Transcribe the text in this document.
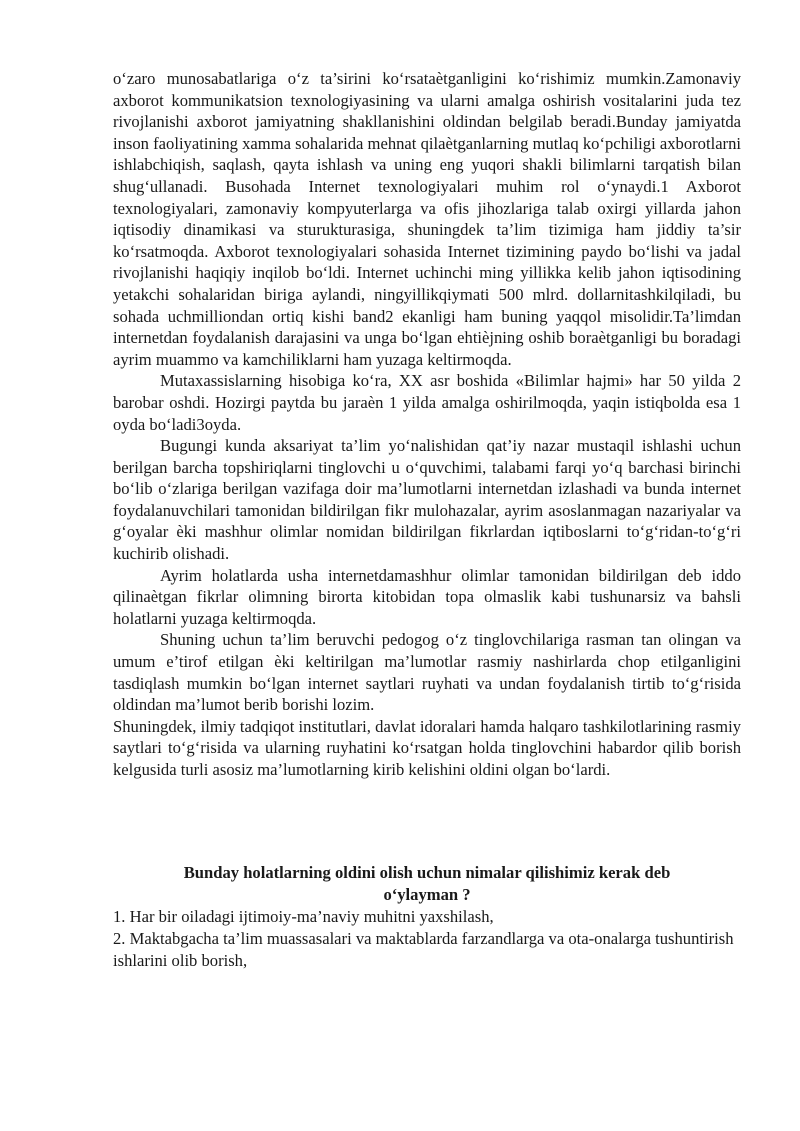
o‘zaro munosabatlariga o‘z ta’sirini ko‘rsataètganligini ko‘rishimiz mumkin.Zamonaviy axborot kommunikatsion texnologiyasining va ularni amalga oshirish vositalarini juda tez rivojlanishi axborot jamiyatning shakllanishini oldindan belgilab beradi.Bunday jamiyatda inson faoliyatining xamma sohalarida mehnat qilaètganlarning mutlaq ko‘pchiligi axborotlarni ishlabchiqish, saqlash, qayta ishlash va uning eng yuqori shakli bilimlarni tarqatish bilan shug‘ullanadi. Busohada Internet texnologiyalari muhim rol o‘ynaydi.1 Axborot texnologiyalari, zamonaviy kompyuterlarga va ofis jihozlariga talab oxirgi yillarda jahon iqtisodiy dinamikasi va sturukturasiga, shuningdek ta’lim tizimiga ham jiddiy ta’sir ko‘rsatmoqda. Axborot texnologiyalari sohasida Internet tizimining paydo bo‘lishi va jadal rivojlanishi haqiqiy inqilob bo‘ldi. Internet uchinchi ming yillikka kelib jahon iqtisodining yetakchi sohalaridan biriga aylandi, ningyillikqiymati 500 mlrd. dollarnitashkilqiladi, bu sohada uchmilliondan ortiq kishi band2 ekanligi ham buning yaqqol misolidir.Ta’limdan internetdan foydalanish darajasini va unga bo‘lgan ehtièjning oshib boraètganligi bu boradagi ayrim muammo va kamchiliklarni ham yuzaga keltirmoqda.

Mutaxassislarning hisobiga ko‘ra, XX asr boshida «Bilimlar hajmi» har 50 yilda 2 barobar oshdi. Hozirgi paytda bu jaraèn 1 yilda amalga oshirilmoqda, yaqin istiqbolda esa 1 oyda bo‘ladi3oyda.

Bugungi kunda aksariyat ta’lim yo‘nalishidan qat’iy nazar mustaqil ishlashi uchun berilgan barcha topshiriqlarni tinglovchi u o‘quvchimi, talabami farqi yo‘q barchasi birinchi bo‘lib o‘zlariga berilgan vazifaga doir ma’lumotlarni internetdan izlashadi va bunda internet foydalanuvchilari tamonidan bildirilgan fikr mulohazalar, ayrim asoslanmagan nazariyalar va g‘oyalar èki mashhur olimlar nomidan bildirilgan fikrlardan iqtiboslarni to‘g‘ridan-to‘g‘ri kuchirib olishadi.

Ayrim holatlarda usha internetdamashhur olimlar tamonidan bildirilgan deb iddo qilinaètgan fikrlar olimning birorta kitobidan topa olmaslik kabi tushunarsiz va bahsli holatlarni yuzaga keltirmoqda.

Shuning uchun ta’lim beruvchi pedogog o‘z tinglovchilariga rasman tan olingan va umum e’tirof etilgan èki keltirilgan ma’lumotlar rasmiy nashirlarda chop etilganligini tasdiqlash mumkin bo‘lgan internet saytlari ruyhati va undan foydalanish tirtib to‘g‘risida oldindan ma’lumot berib borishi lozim.

Shuningdek, ilmiy tadqiqot institutlari, davlat idoralari hamda halqaro tashkilotlarining rasmiy saytlari to‘g‘risida va ularning ruyhatini ko‘rsatgan holda tinglovchini habardor qilib borish kelgusida turli asosiz ma’lumotlarning kirib kelishini oldini olgan bo‘lardi.

Bunday holatlarning oldini olish uchun nimalar qilishimiz kerak deb o‘ylayman ?

1. Har bir oiladagi ijtimoiy-ma’naviy muhitni yaxshilash,

2. Maktabgacha ta’lim muassasalari va maktablarda farzandlarga va ota-onalarga tushuntirish ishlarini olib borish,
